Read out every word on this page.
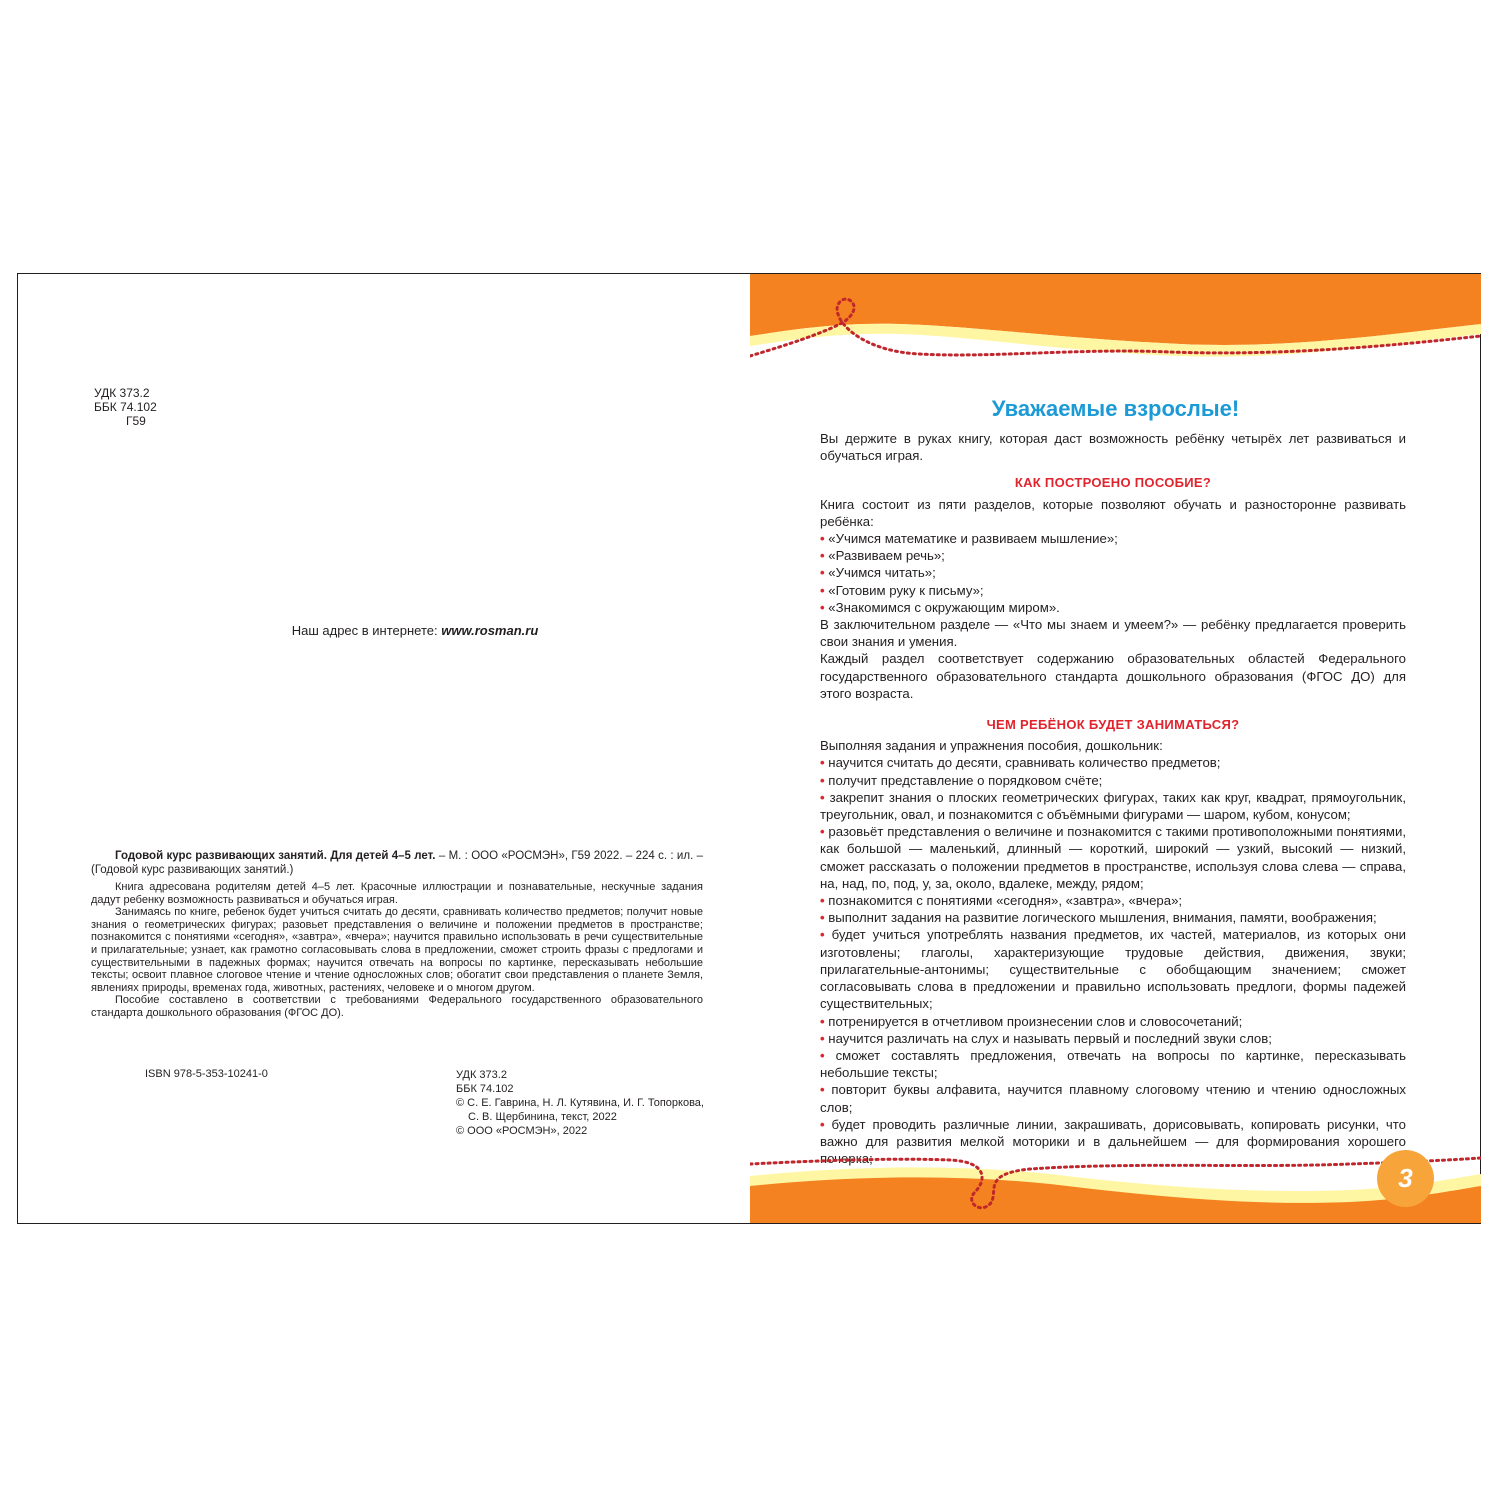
УДК 373.2
ББК 74.102
Г59
Наш адрес в интернете: www.rosman.ru

Годовой курс развивающих занятий. Для детей 4–5 лет. – М. : ООО «РОСМЭН», Г59 2022. – 224 с. : ил. – (Годовой курс развивающих занятий.)

Книга адресована родителям детей 4–5 лет. Красочные иллюстрации и познавательные, нескучные задания дадут ребенку возможность развиваться и обучаться играя.

Занимаясь по книге, ребенок будет учиться считать до десяти, сравнивать количество предметов; получит новые знания о геометрических фигурах; разовьет представления о величине и положении предметов в пространстве; познакомится с понятиями «сегодня», «завтра», «вчера»; научится правильно использовать в речи существительные и прилагательные; узнает, как грамотно согласовывать слова в предложении, сможет строить фразы с предлогами и существительными в падежных формах; научится отвечать на вопросы по картинке, пересказывать небольшие тексты; освоит плавное слоговое чтение и чтение односложных слов; обогатит свои представления о планете Земля, явлениях природы, временах года, животных, растениях, человеке и о многом другом.

Пособие составлено в соответствии с требованиями Федерального государственного образовательного стандарта дошкольного образования (ФГОС ДО).

ISBN 978-5-353-10241-0	УДК 373.2
ББК 74.102
© С. Е. Гаврина, Н. Л. Кутявина, И. Г. Топоркова,
С. В. Щербинина, текст, 2022
© ООО «РОСМЭН», 2022
Уважаемые взрослые!

Вы держите в руках книгу, которая даст возможность ребёнку четырёх лет развиваться и обучаться играя.

КАК ПОСТРОЕНО ПОСОБИЕ?

Книга состоит из пяти разделов, которые позволяют обучать и разносторонне развивать ребёнка:

• «Учимся математике и развиваем мышление»;

• «Развиваем речь»;

• «Учимся читать»;

• «Готовим руку к письму»;

• «Знакомимся с окружающим миром».

В заключительном разделе — «Что мы знаем и умеем?» — ребёнку предлагается проверить свои знания и умения.

Каждый раздел соответствует содержанию образовательных областей Федерального государственного образовательного стандарта дошкольного образования (ФГОС ДО) для этого возраста.

ЧЕМ РЕБЁНОК БУДЕТ ЗАНИМАТЬСЯ?

Выполняя задания и упражнения пособия, дошкольник:

• научится считать до десяти, сравнивать количество предметов;

• получит представление о порядковом счёте;

• закрепит знания о плоских геометрических фигурах, таких как круг, квадрат, прямоугольник, треугольник, овал, и познакомится с объёмными фигурами — шаром, кубом, конусом;

• разовьёт представления о величине и познакомится с такими противоположными понятиями, как большой — маленький, длинный — короткий, широкий — узкий, высокий — низкий, сможет рассказать о положении предметов в пространстве, используя слова слева — справа, на, над, по, под, у, за, около, вдалеке, между, рядом;

• познакомится с понятиями «сегодня», «завтра», «вчера»;

• выполнит задания на развитие логического мышления, внимания, памяти, воображения;

• будет учиться употреблять названия предметов, их частей, материалов, из которых они изготовлены; глаголы, характеризующие трудовые действия, движения, звуки; прилагательные-антонимы; существительные с обобщающим значением; сможет согласовывать слова в предложении и правильно использовать предлоги, формы падежей существительных;

• потренируется в отчетливом произнесении слов и словосочетаний;

• научится различать на слух и называть первый и последний звуки слов;

• сможет составлять предложения, отвечать на вопросы по картинке, пересказывать небольшие тексты;

• повторит буквы алфавита, научится плавному слоговому чтению и чтению односложных слов;

• будет проводить различные линии, закрашивать, дорисовывать, копировать рисунки, что важно для развития мелкой моторики и в дальнейшем — для формирования хорошего почерка;

3
